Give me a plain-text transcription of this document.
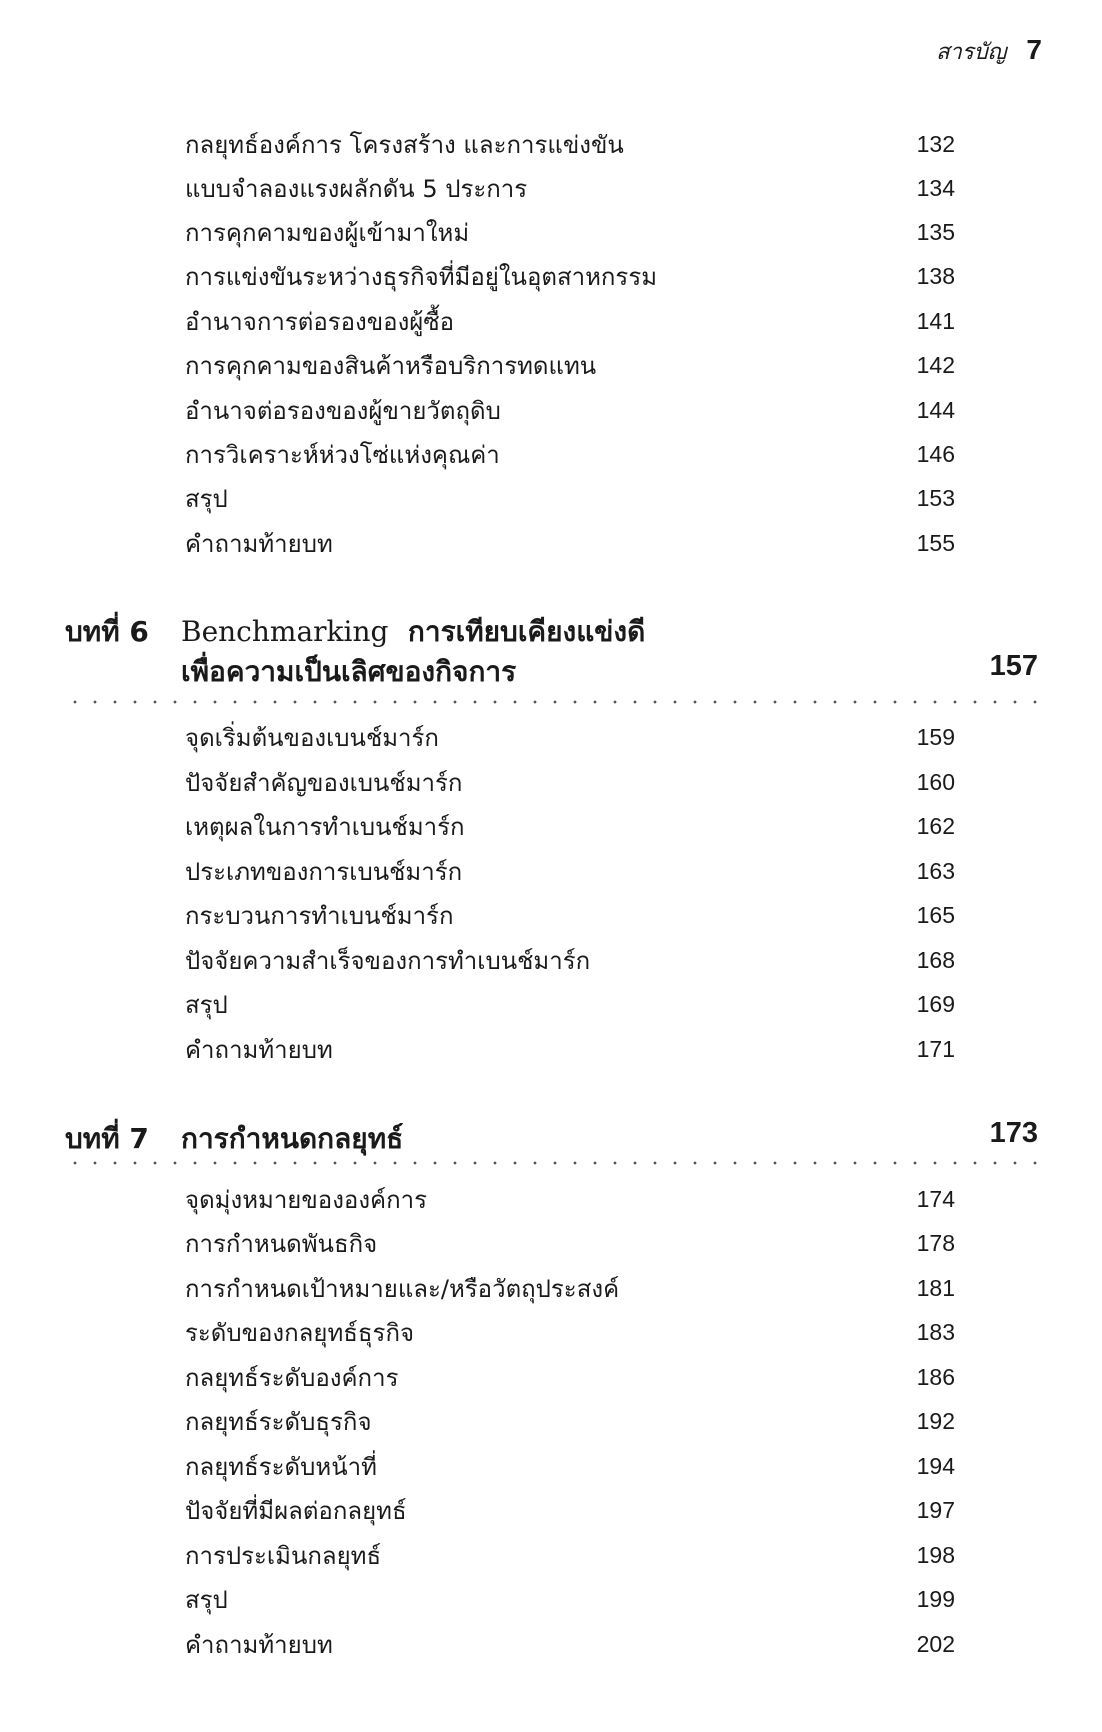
สารบัญ 7
กลยุทธ์องค์การ โครงสร้าง และการแข่งขัน	132
แบบจำลองแรงผลักดัน 5 ประการ	134
การคุกคามของผู้เข้ามาใหม่	135
การแข่งขันระหว่างธุรกิจที่มีอยู่ในอุตสาหกรรม	138
อำนาจการต่อรองของผู้ซื้อ	141
การคุกคามของสินค้าหรือบริการทดแทน	142
อำนาจต่อรองของผู้ขายวัตถุดิบ	144
การวิเคราะห์ห่วงโซ่แห่งคุณค่า	146
สรุป	153
คำถามท้ายบท	155
บทที่ 6 Benchmarking การเทียบเคียงแข่งดี
เพื่อความเป็นเลิศของกิจการ	157
จุดเริ่มต้นของเบนช์มาร์ก	159
ปัจจัยสำคัญของเบนช์มาร์ก	160
เหตุผลในการทำเบนช์มาร์ก	162
ประเภทของการเบนช์มาร์ก	163
กระบวนการทำเบนช์มาร์ก	165
ปัจจัยความสำเร็จของการทำเบนช์มาร์ก	168
สรุป	169
คำถามท้ายบท	171
บทที่ 7 การกำหนดกลยุทธ์	173
จุดมุ่งหมายขององค์การ	174
การกำหนดพันธกิจ	178
การกำหนดเป้าหมายและ/หรือวัตถุประสงค์	181
ระดับของกลยุทธ์ธุรกิจ	183
กลยุทธ์ระดับองค์การ	186
กลยุทธ์ระดับธุรกิจ	192
กลยุทธ์ระดับหน้าที่	194
ปัจจัยที่มีผลต่อกลยุทธ์	197
การประเมินกลยุทธ์	198
สรุป	199
คำถามท้ายบท	202
